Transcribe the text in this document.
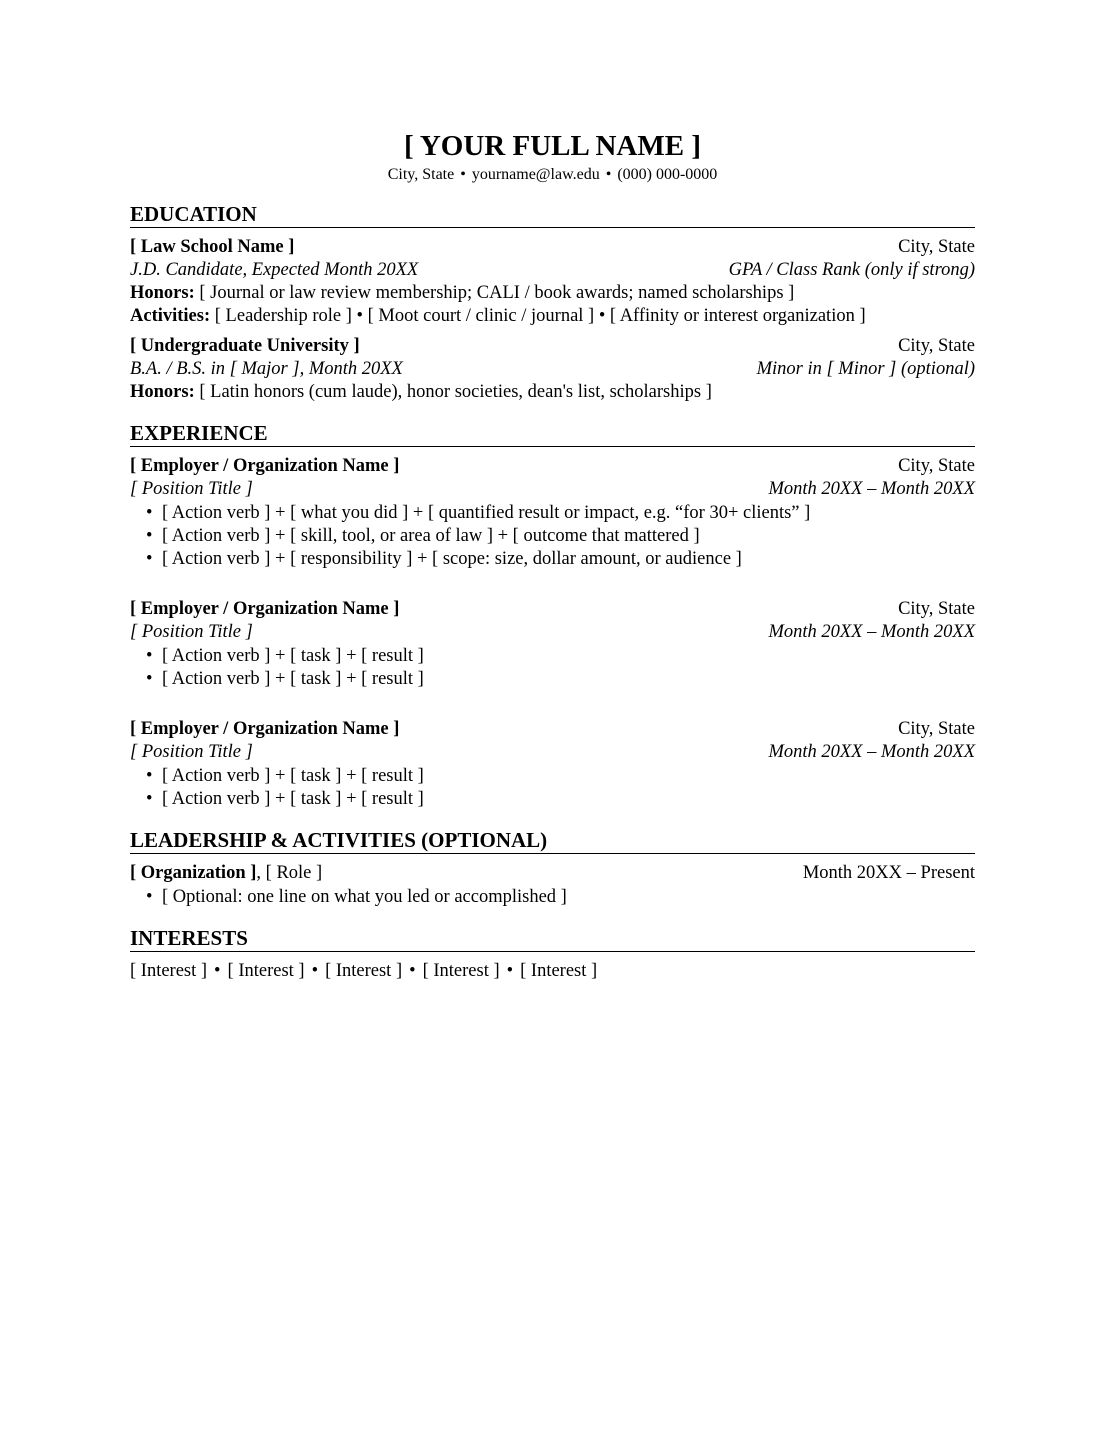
[ YOUR FULL NAME ]
City, State • yourname@law.edu • (000) 000-0000
EDUCATION
[ Law School Name ]	City, State
J.D. Candidate, Expected Month 20XX	GPA / Class Rank (only if strong)
Honors: [ Journal or law review membership; CALI / book awards; named scholarships ]
Activities: [ Leadership role ] • [ Moot court / clinic / journal ] • [ Affinity or interest organization ]
[ Undergraduate University ]	City, State
B.A. / B.S. in [ Major ], Month 20XX	Minor in [ Minor ] (optional)
Honors: [ Latin honors (cum laude), honor societies, dean's list, scholarships ]
EXPERIENCE
[ Employer / Organization Name ]	City, State
[ Position Title ]	Month 20XX – Month 20XX
• [ Action verb ] + [ what you did ] + [ quantified result or impact, e.g. “for 30+ clients” ]
• [ Action verb ] + [ skill, tool, or area of law ] + [ outcome that mattered ]
• [ Action verb ] + [ responsibility ] + [ scope: size, dollar amount, or audience ]
[ Employer / Organization Name ]	City, State
[ Position Title ]	Month 20XX – Month 20XX
• [ Action verb ] + [ task ] + [ result ]
• [ Action verb ] + [ task ] + [ result ]
[ Employer / Organization Name ]	City, State
[ Position Title ]	Month 20XX – Month 20XX
• [ Action verb ] + [ task ] + [ result ]
• [ Action verb ] + [ task ] + [ result ]
LEADERSHIP & ACTIVITIES (OPTIONAL)
[ Organization ], [ Role ]	Month 20XX – Present
• [ Optional: one line on what you led or accomplished ]
INTERESTS
[ Interest ] • [ Interest ] • [ Interest ] • [ Interest ] • [ Interest ]
